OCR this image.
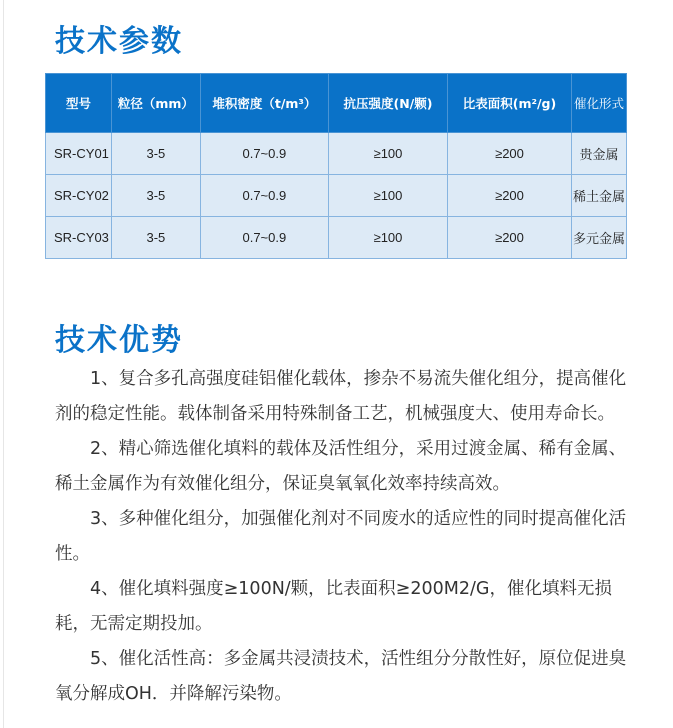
技术参数
型号	粒径（mm）	堆积密度（t/m³）	抗压强度(N/颗)	比表面积(m²/g)	催化形式
SR-CY01	3-5	0.7~0.9	≥100	≥200	贵金属
SR-CY02	3-5	0.7~0.9	≥100	≥200	稀土金属
SR-CY03	3-5	0.7~0.9	≥100	≥200	多元金属
技术优势

1、复合多孔高强度硅铝催化载体，掺杂不易流失催化组分，提高催化剂的稳定性能。载体制备采用特殊制备工艺，机械强度大、使用寿命长。

2、精心筛选催化填料的载体及活性组分，采用过渡金属、稀有金属、稀土金属作为有效催化组分，保证臭氧氧化效率持续高效。

3、多种催化组分，加强催化剂对不同废水的适应性的同时提高催化活性。

4、催化填料强度≥100N/颗，比表面积≥200M2/G，催化填料无损耗，无需定期投加。

5、催化活性高：多金属共浸渍技术，活性组分分散性好，原位促进臭氧分解成OH．并降解污染物。
